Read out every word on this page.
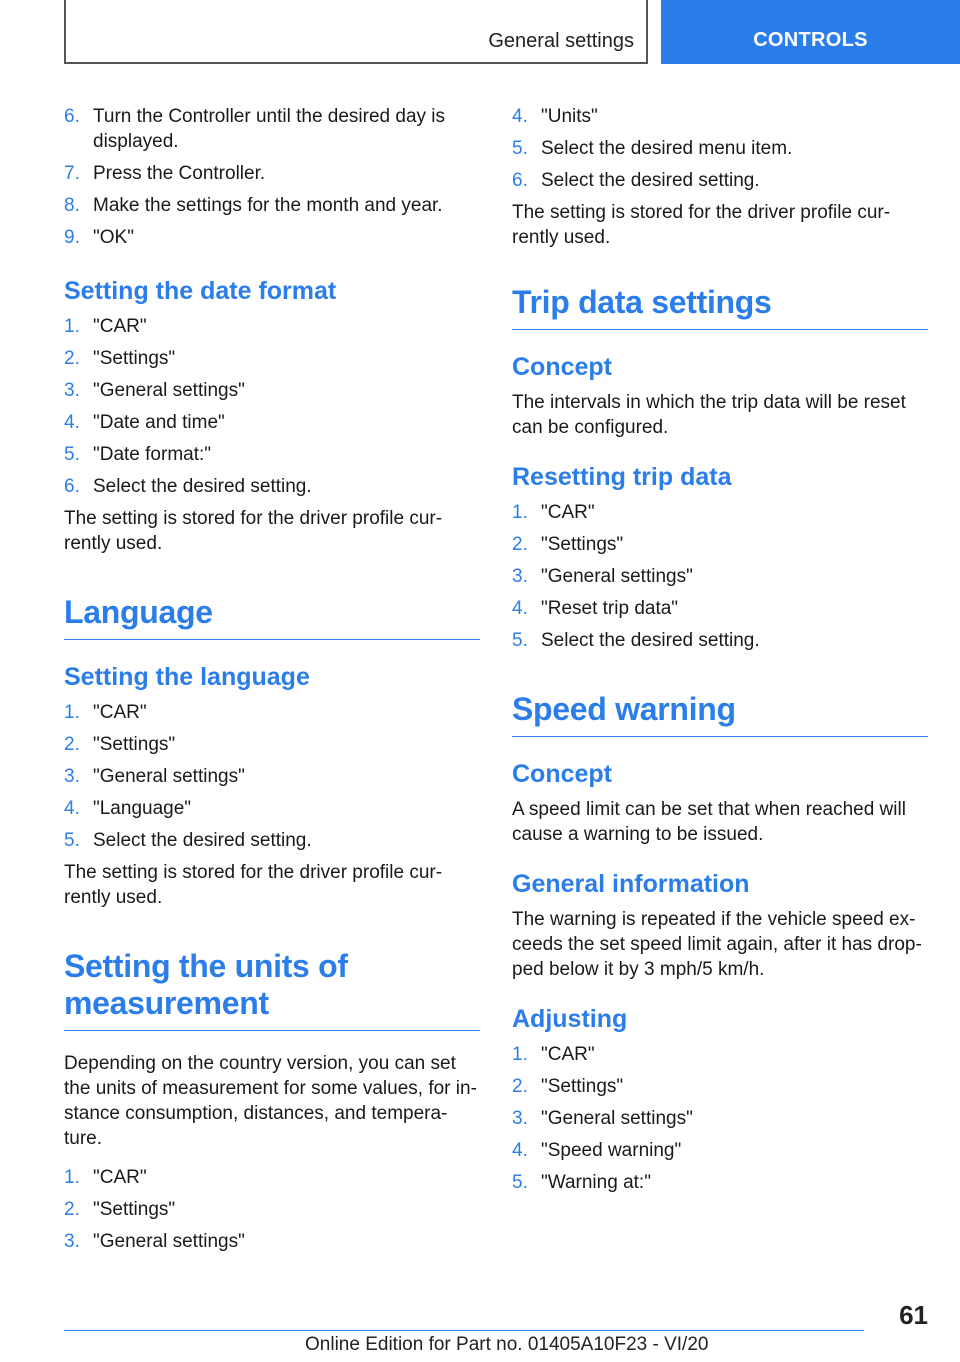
General settings	CONTROLS
6. Turn the Controller until the desired day is displayed.
7. Press the Controller.
8. Make the settings for the month and year.
9. "OK"
Setting the date format
1. "CAR"
2. "Settings"
3. "General settings"
4. "Date and time"
5. "Date format:"
6. Select the desired setting.

The setting is stored for the driver profile cur- rently used.

Language
Setting the language
1. "CAR"
2. "Settings"
3. "General settings"
4. "Language"
5. Select the desired setting.

The setting is stored for the driver profile cur- rently used.

Setting the units of measurement

Depending on the country version, you can set the units of measurement for some values, for in- stance consumption, distances, and tempera- ture.

1. "CAR"
2. "Settings"
3. "General settings"
4. "Units"
5. Select the desired menu item.
6. Select the desired setting.

The setting is stored for the driver profile cur- rently used.

Trip data settings
Concept

The intervals in which the trip data will be reset can be configured.

Resetting trip data
1. "CAR"
2. "Settings"
3. "General settings"
4. "Reset trip data"
5. Select the desired setting.
Speed warning
Concept

A speed limit can be set that when reached will cause a warning to be issued.

General information

The warning is repeated if the vehicle speed ex- ceeds the set speed limit again, after it has drop- ped below it by 3 mph/5 km/h.

Adjusting
1. "CAR"
2. "Settings"
3. "General settings"
4. "Speed warning"
5. "Warning at:"
61
Online Edition for Part no. 01405A10F23 - VI/20
